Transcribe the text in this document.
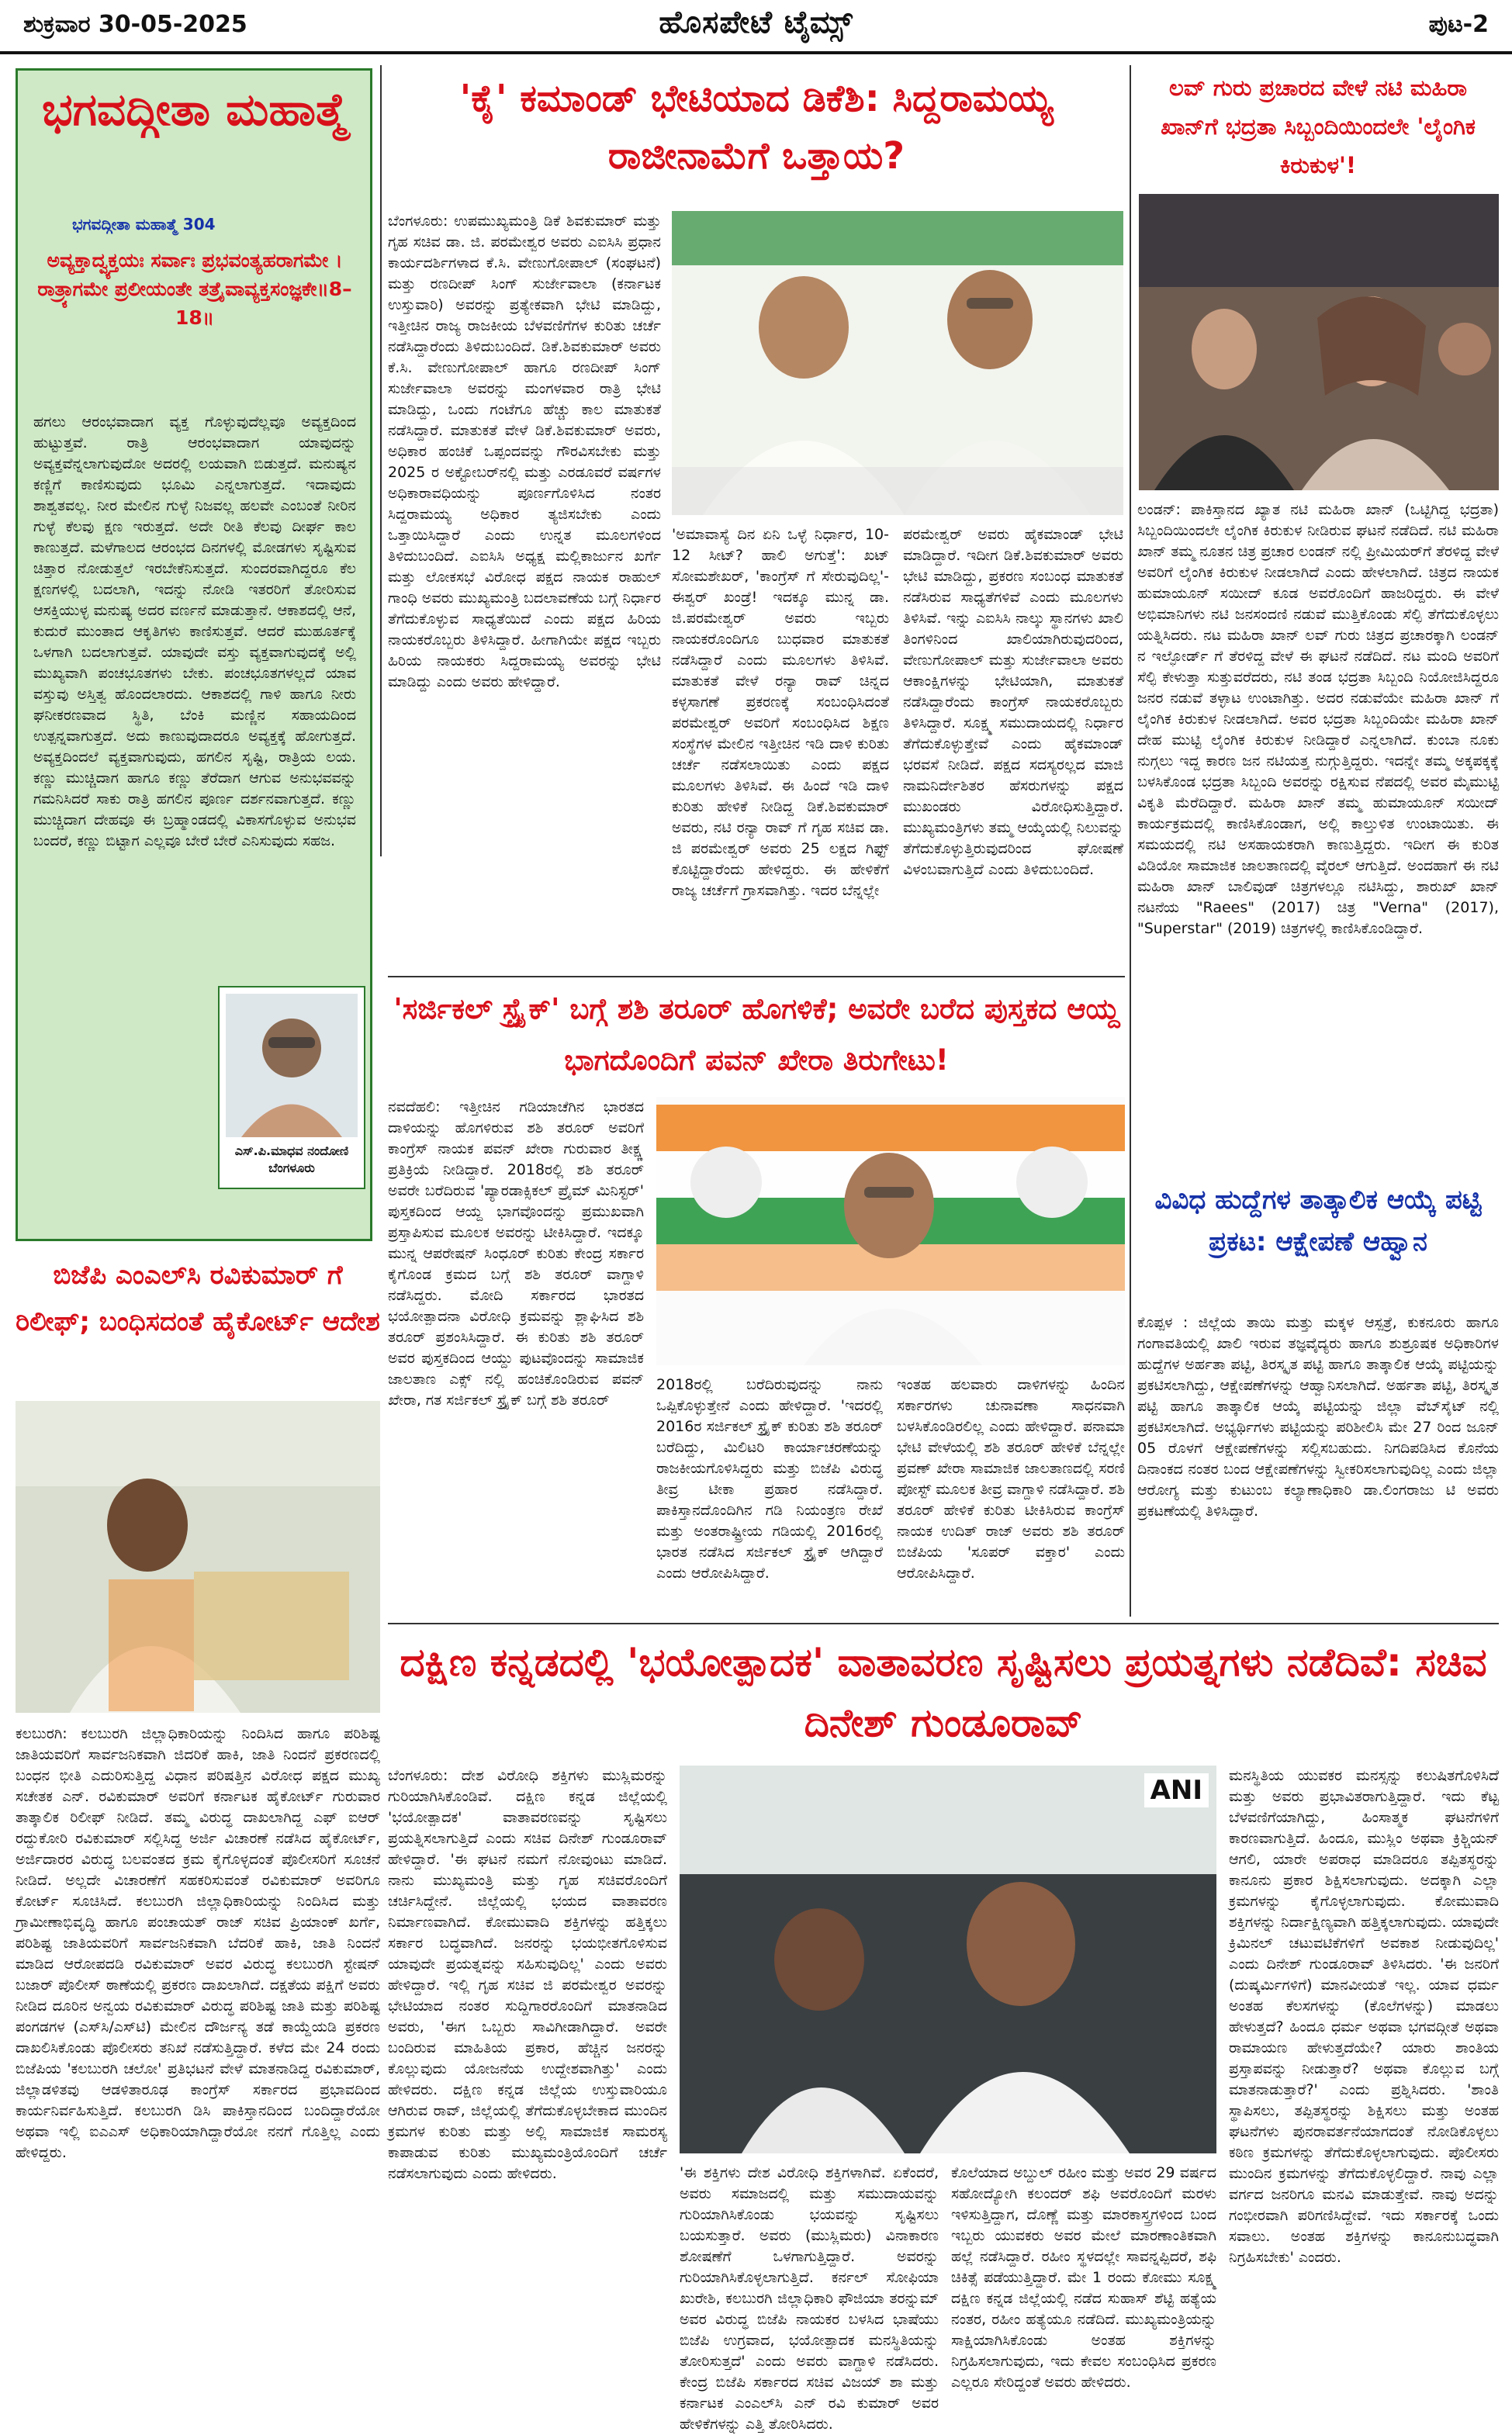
ಶುಕ್ರವಾರ 30-05-2025	ಹೊಸಪೇಟೆ ಟೈಮ್ಸ್	ಪುಟ-2
ಭಗವದ್ಗೀತಾ ಮಹಾತ್ಮೆ
ಭಗವದ್ಗೀತಾ ಮಹಾತ್ಮೆ 304
ಅವ್ಯಕ್ತಾದ್ವ್ಯಕ್ತಯಃ ಸರ್ವಾಃ ಪ್ರಭವಂತ್ಯಹರಾಗಮೇ । ರಾತ್ರ್ಯಾಗಮೇ ಪ್ರಲೀಯಂತೇ ತತ್ರೈವಾವ್ಯಕ್ತಸಂಜ್ಞಕೇ॥8–18॥
ಹಗಲು ಆರಂಭವಾದಾಗ ವ್ಯಕ್ತ ಗೊಳ್ಳುವುದೆಲ್ಲವೂ ಅವ್ಯಕ್ತದಿಂದ ಹುಟ್ಟುತ್ತವೆ. ರಾತ್ರಿ ಆರಂಭವಾದಾಗ ಯಾವುದನ್ನು ಅವ್ಯಕ್ತವೆನ್ನಲಾಗುವುದೋ ಅದರಲ್ಲಿ ಲಯವಾಗಿ ಬಿಡುತ್ತದೆ. ಮನುಷ್ಯನ ಕಣ್ಣಿಗೆ ಕಾಣಿಸುವುದು ಭೂಮಿ ಎನ್ನಲಾಗುತ್ತದೆ. ಇದಾವುದು ಶಾಶ್ವತವಲ್ಲ. ನೀರ ಮೇಲಿನ ಗುಳ್ಳೆ ನಿಜವಲ್ಲ ಹಲವೇ ಎಂಬಂತೆ ನೀರಿನ ಗುಳ್ಳೆ ಕೆಲವು ಕ್ಷಣ ಇರುತ್ತದೆ. ಅದೇ ರೀತಿ ಕೆಲವು ದೀರ್ಘ ಕಾಲ ಕಾಣುತ್ತದೆ. ಮಳೆಗಾಲದ ಆರಂಭದ ದಿನಗಳಲ್ಲಿ ಮೋಡಗಳು ಸೃಷ್ಟಿಸುವ ಚಿತ್ತಾರ ನೋಡುತ್ತಲೆ ಇರಬೇಕೆನಿಸುತ್ತದೆ. ಸುಂದರವಾಗಿದ್ದರೂ ಕೆಲ ಕ್ಷಣಗಳಲ್ಲಿ ಬದಲಾಗಿ, ಇದನ್ನು ನೋಡಿ ಇತರರಿಗೆ ತೋರಿಸುವ ಆಸಕ್ತಿಯುಳ್ಳ ಮನುಷ್ಯ ಅದರ ವರ್ಣನೆ ಮಾಡುತ್ತಾನೆ. ಆಕಾಶದಲ್ಲಿ ಆನೆ, ಕುದುರೆ ಮುಂತಾದ ಆಕೃತಿಗಳು ಕಾಣಿಸುತ್ತವೆ. ಆದರೆ ಮುಹೂರ್ತಕ್ಕೆ ಒಳಗಾಗಿ ಬದಲಾಗುತ್ತವೆ. ಯಾವುದೇ ವಸ್ತು ವ್ಯಕ್ತವಾಗುವುದಕ್ಕೆ ಅಲ್ಲಿ ಮುಖ್ಯವಾಗಿ ಪಂಚಭೂತಗಳು ಬೇಕು. ಪಂಚಭೂತಗಳಲ್ಲದೆ ಯಾವ ವಸ್ತುವು ಅಸ್ತಿತ್ವ ಹೊಂದಲಾರದು. ಆಕಾಶದಲ್ಲಿ ಗಾಳಿ ಹಾಗೂ ನೀರು ಘನೀಕರಣವಾದ ಸ್ಥಿತಿ, ಬೆಂಕಿ ಮಣ್ಣಿನ ಸಹಾಯದಿಂದ ಉತ್ಪನ್ನವಾಗುತ್ತದೆ. ಅದು ಕಾಣುವುದಾದರೂ ಅವ್ಯಕ್ತಕ್ಕೆ ಹೋಗುತ್ತದೆ. ಅವ್ಯಕ್ತದಿಂದಲೆ ವ್ಯಕ್ತವಾಗುವುದು, ಹಗಲಿನ ಸೃಷ್ಟಿ, ರಾತ್ರಿಯ ಲಯ. ಕಣ್ಣು ಮುಚ್ಚಿದಾಗ ಹಾಗೂ ಕಣ್ಣು ತೆರೆದಾಗ ಆಗುವ ಅನುಭವವನ್ನು ಗಮನಿಸಿದರೆ ಸಾಕು ರಾತ್ರಿ ಹಗಲಿನ ಪೂರ್ಣ ದರ್ಶನವಾಗುತ್ತದೆ. ಕಣ್ಣು ಮುಚ್ಚಿದಾಗ ದೇಹವೂ ಈ ಬ್ರಹ್ಮಾಂಡದಲ್ಲಿ ವಿಕಾಸಗೊಳ್ಳುವ ಅನುಭವ ಬಂದರೆ, ಕಣ್ಣು ಬಿಟ್ಟಾಗ ಎಲ್ಲವೂ ಬೇರೆ ಬೇರೆ ಎನಿಸುವುದು ಸಹಜ.
ಎಸ್.ಪಿ.ಮಾಧವ ನಂದೋಣಿ ಬೆಂಗಳೂರು
'ಕೈ' ಕಮಾಂಡ್ ಭೇಟಿಯಾದ ಡಿಕೆಶಿ: ಸಿದ್ದರಾಮಯ್ಯ ರಾಜೀನಾಮೆಗೆ ಒತ್ತಾಯ?
ಬೆಂಗಳೂರು: ಉಪಮುಖ್ಯಮಂತ್ರಿ ಡಿಕೆ ಶಿವಕುಮಾರ್ ಮತ್ತು ಗೃಹ ಸಚಿವ ಡಾ. ಜಿ. ಪರಮೇಶ್ವರ ಅವರು ಎಐಸಿಸಿ ಪ್ರಧಾನ ಕಾರ್ಯದರ್ಶಿಗಳಾದ ಕೆ.ಸಿ. ವೇಣುಗೋಪಾಲ್ (ಸಂಘಟನೆ) ಮತ್ತು ರಣದೀಪ್ ಸಿಂಗ್ ಸುರ್ಜೇವಾಲಾ (ಕರ್ನಾಟಕ ಉಸ್ತುವಾರಿ) ಅವರನ್ನು ಪ್ರತ್ಯೇಕವಾಗಿ ಭೇಟಿ ಮಾಡಿದ್ದು, ಇತ್ತೀಚಿನ ರಾಜ್ಯ ರಾಜಕೀಯ ಬೆಳವಣಿಗೆಗಳ ಕುರಿತು ಚರ್ಚೆ ನಡೆಸಿದ್ದಾರೆಂದು ತಿಳಿದುಬಂದಿದೆ. ಡಿಕೆ.ಶಿವಕುಮಾರ್ ಅವರು ಕೆ.ಸಿ. ವೇಣುಗೋಪಾಲ್ ಹಾಗೂ ರಣದೀಪ್ ಸಿಂಗ್ ಸುರ್ಜೇವಾಲಾ ಅವರನ್ನು ಮಂಗಳವಾರ ರಾತ್ರಿ ಭೇಟಿ ಮಾಡಿದ್ದು, ಒಂದು ಗಂಟೆಗೂ ಹೆಚ್ಚು ಕಾಲ ಮಾತುಕತೆ ನಡೆಸಿದ್ದಾರೆ. ಮಾತುಕತೆ ವೇಳೆ ಡಿಕೆ.ಶಿವಕುಮಾರ್ ಅವರು, ಅಧಿಕಾರ ಹಂಚಿಕೆ ಒಪ್ಪಂದವನ್ನು ಗೌರವಿಸಬೇಕು ಮತ್ತು 2025 ರ ಅಕ್ಟೋಬರ್‌ನಲ್ಲಿ ಮತ್ತು ಎರಡೂವರೆ ವರ್ಷಗಳ ಅಧಿಕಾರಾವಧಿಯನ್ನು ಪೂರ್ಣಗೊಳಿಸಿದ ನಂತರ ಸಿದ್ದರಾಮಯ್ಯ ಅಧಿಕಾರ ತ್ಯಜಿಸಬೇಕು ಎಂದು ಒತ್ತಾಯಿಸಿದ್ದಾರೆ ಎಂದು ಉನ್ನತ ಮೂಲಗಳಿಂದ ತಿಳಿದುಬಂದಿದೆ. ಎಐಸಿಸಿ ಅಧ್ಯಕ್ಷ ಮಲ್ಲಿಕಾರ್ಜುನ ಖರ್ಗೆ ಮತ್ತು ಲೋಕಸಭೆ ವಿರೋಧ ಪಕ್ಷದ ನಾಯಕ ರಾಹುಲ್ ಗಾಂಧಿ ಅವರು ಮುಖ್ಯಮಂತ್ರಿ ಬದಲಾವಣೆಯ ಬಗ್ಗೆ ನಿರ್ಧಾರ ತೆಗೆದುಕೊಳ್ಳುವ ಸಾಧ್ಯತೆಯಿದೆ ಎಂದು ಪಕ್ಷದ ಹಿರಿಯ ನಾಯಕರೊಬ್ಬರು ತಿಳಿಸಿದ್ದಾರೆ. ಹೀಗಾಗಿಯೇ ಪಕ್ಷದ ಇಬ್ಬರು ಹಿರಿಯ ನಾಯಕರು ಸಿದ್ದರಾಮಯ್ಯ ಅವರನ್ನು ಭೇಟಿ ಮಾಡಿದ್ದು ಎಂದು ಅವರು ಹೇಳಿದ್ದಾರೆ.
'ಅಮಾವಾಸ್ಯೆ ದಿನ ಏನಿ ಒಳ್ಳೆ ನಿರ್ಧಾರ, 10-12 ಸೀಟ್? ಹಾಲಿ ಅಗುತ್ತೆ': ಖಟ್ ಸೋಮಶೇಖರ್, 'ಕಾಂಗ್ರೆಸ್ ಗೆ ಸೇರುವುದಿಲ್ಲ'- ಈಶ್ವರ್ ಖಂಡ್ರೆ! ಇದಕ್ಕೂ ಮುನ್ನ ಡಾ. ಜಿ.ಪರಮೇಶ್ವರ್ ಅವರು ಇಬ್ಬರು ನಾಯಕರೊಂದಿಗೂ ಬುಧವಾರ ಮಾತುಕತೆ ನಡೆಸಿದ್ದಾರೆ ಎಂದು ಮೂಲಗಳು ತಿಳಿಸಿವೆ. ಮಾತುಕತೆ ವೇಳೆ ರನ್ಯಾ ರಾವ್ ಚಿನ್ನದ ಕಳ್ಳಸಾಗಣೆ ಪ್ರಕರಣಕ್ಕೆ ಸಂಬಂಧಿಸಿದಂತೆ ಪರಮೇಶ್ವರ್ ಅವರಿಗೆ ಸಂಬಂಧಿಸಿದ ಶಿಕ್ಷಣ ಸಂಸ್ಥೆಗಳ ಮೇಲಿನ ಇತ್ತೀಚಿನ ಇಡಿ ದಾಳಿ ಕುರಿತು ಚರ್ಚೆ ನಡೆಸಲಾಯಿತು ಎಂದು ಪಕ್ಷದ ಮೂಲಗಳು ತಿಳಿಸಿವೆ. ಈ ಹಿಂದೆ ಇಡಿ ದಾಳಿ ಕುರಿತು ಹೇಳಿಕೆ ನೀಡಿದ್ದ ಡಿಕೆ.ಶಿವಕುಮಾರ್ ಅವರು, ನಟಿ ರನ್ಯಾ ರಾವ್ ಗೆ ಗೃಹ ಸಚಿವ ಡಾ. ಜಿ ಪರಮೇಶ್ವರ್ ಅವರು 25 ಲಕ್ಷದ ಗಿಫ್ಟ್ ಕೊಟ್ಟಿದ್ದಾರೆಂದು ಹೇಳಿದ್ದರು. ಈ ಹೇಳಿಕೆಗೆ ರಾಜ್ಯ ಚರ್ಚೆಗೆ ಗ್ರಾಸವಾಗಿತ್ತು. ಇದರ ಬೆನ್ನಲ್ಲೇ
ಪರಮೇಶ್ವರ್ ಅವರು ಹೈಕಮಾಂಡ್ ಭೇಟಿ ಮಾಡಿದ್ದಾರೆ. ಇದೀಗ ಡಿಕೆ.ಶಿವಕುಮಾರ್ ಅವರು ಭೇಟಿ ಮಾಡಿದ್ದು, ಪ್ರಕರಣ ಸಂಬಂಧ ಮಾತುಕತೆ ನಡೆಸಿರುವ ಸಾಧ್ಯತೆಗಳಿವೆ ಎಂದು ಮೂಲಗಳು ತಿಳಿಸಿವೆ. ಇನ್ನು ಎಐಸಿಸಿ ನಾಲ್ಕು ಸ್ಥಾನಗಳು ಖಾಲಿ ತಿಂಗಳಿನಿಂದ ಖಾಲಿಯಾಗಿರುವುದರಿಂದ, ವೇಣುಗೋಪಾಲ್ ಮತ್ತು ಸುರ್ಜೇವಾಲಾ ಅವರು ಆಕಾಂಕ್ಷಿಗಳನ್ನು ಭೇಟಿಯಾಗಿ, ಮಾತುಕತೆ ನಡೆಸಿದ್ದಾರೆಂದು ಕಾಂಗ್ರೆಸ್ ನಾಯಕರೊಬ್ಬರು ತಿಳಿಸಿದ್ದಾರೆ. ಸೂಕ್ಷ್ಮ ಸಮುದಾಯದಲ್ಲಿ ನಿರ್ಧಾರ ತೆಗೆದುಕೊಳ್ಳುತ್ತೇವೆ ಎಂದು ಹೈಕಮಾಂಡ್ ಭರವಸೆ ನೀಡಿದೆ. ಪಕ್ಷದ ಸದಸ್ಯರಲ್ಲದ ಮಾಜಿ ನಾಮನಿರ್ದೇಶಿತರ ಹೆಸರುಗಳನ್ನು ಪಕ್ಷದ ಮುಖಂಡರು ವಿರೋಧಿಸುತ್ತಿದ್ದಾರೆ. ಮುಖ್ಯಮಂತ್ರಿಗಳು ತಮ್ಮ ಆಯ್ಕೆಯಲ್ಲಿ ನಿಲುವನ್ನು ತೆಗೆದುಕೊಳ್ಳುತ್ತಿರುವುದರಿಂದ ಘೋಷಣೆ ವಿಳಂಬವಾಗುತ್ತಿದೆ ಎಂದು ತಿಳಿದುಬಂದಿದೆ.
ಲವ್ ಗುರು ಪ್ರಚಾರದ ವೇಳೆ ನಟಿ ಮಹಿರಾ ಖಾನ್‌ಗೆ ಭದ್ರತಾ ಸಿಬ್ಬಂದಿಯಿಂದಲೇ 'ಲೈಂಗಿಕ ಕಿರುಕುಳ'!
ಲಂಡನ್: ಪಾಕಿಸ್ತಾನದ ಖ್ಯಾತ ನಟಿ ಮಹಿರಾ ಖಾನ್ (ಒಟ್ಟಿಗಿದ್ದ ಭದ್ರತಾ) ಸಿಬ್ಬಂದಿಯಿಂದಲೇ ಲೈಂಗಿಕ ಕಿರುಕುಳ ನೀಡಿರುವ ಘಟನೆ ನಡೆದಿದೆ. ನಟಿ ಮಹಿರಾ ಖಾನ್ ತಮ್ಮ ನೂತನ ಚಿತ್ರ ಪ್ರಚಾರ ಲಂಡನ್ ನಲ್ಲಿ ಪ್ರೀಮಿಯರ್‌ಗೆ ತೆರಳಿದ್ದ ವೇಳೆ ಅವರಿಗೆ ಲೈಂಗಿಕ ಕಿರುಕುಳ ನೀಡಲಾಗಿದೆ ಎಂದು ಹೇಳಲಾಗಿದೆ. ಚಿತ್ರದ ನಾಯಕ ಹುಮಾಯೂನ್ ಸಯೀದ್ ಕೂಡ ಅವರೊಂದಿಗೆ ಹಾಜರಿದ್ದರು. ಈ ವೇಳೆ ಅಭಿಮಾನಿಗಳು ನಟಿ ಜನಸಂದಣಿ ನಡುವೆ ಮುತ್ತಿಕೊಂಡು ಸೆಲ್ಫಿ ತೆಗೆದುಕೊಳ್ಳಲು ಯತ್ನಿಸಿದರು. ನಟ ಮಹಿರಾ ಖಾನ್ ಲವ್ ಗುರು ಚಿತ್ರದ ಪ್ರಚಾರಕ್ಕಾಗಿ ಲಂಡನ್ ನ ಇಲ್ಫೋರ್ಡ್ ಗೆ ತೆರಳಿದ್ದ ವೇಳೆ ಈ ಘಟನೆ ನಡೆದಿದೆ. ನಟ ಮಂದಿ ಅವರಿಗೆ ಸೆಲ್ಫಿ ಕೇಳುತ್ತಾ ಸುತ್ತುವರೆದರು, ನಟಿ ತಂಡ ಭದ್ರತಾ ಸಿಬ್ಬಂದಿ ನಿಯೋಜಿಸಿದ್ದರೂ ಜನರ ನಡುವೆ ತಳ್ಳಾಟ ಉಂಟಾಗಿತ್ತು. ಅದರ ನಡುವೆಯೇ ಮಹಿರಾ ಖಾನ್ ಗೆ ಲೈಂಗಿಕ ಕಿರುಕುಳ ನೀಡಲಾಗಿದೆ. ಅವರ ಭದ್ರತಾ ಸಿಬ್ಬಂದಿಯೇ ಮಹಿರಾ ಖಾನ್ ದೇಹ ಮುಟ್ಟಿ ಲೈಂಗಿಕ ಕಿರುಕುಳ ನೀಡಿದ್ದಾರೆ ಎನ್ನಲಾಗಿದೆ. ಕುಂಬಾ ನೂಕು ನುಗ್ಗಲು ಇದ್ದ ಕಾರಣ ಜನ ನಟಿಯತ್ತ ನುಗ್ಗುತ್ತಿದ್ದರು. ಇದನ್ನೇ ತಮ್ಮ ಅಕ್ಕಪಕ್ಕಕ್ಕೆ ಬಳಸಿಕೊಂಡ ಭದ್ರತಾ ಸಿಬ್ಬಂದಿ ಅವರನ್ನು ರಕ್ಷಿಸುವ ನೆಪದಲ್ಲಿ ಅವರ ಮೈಮುಟ್ಟಿ ವಿಕೃತಿ ಮೆರೆದಿದ್ದಾರೆ. ಮಹಿರಾ ಖಾನ್ ತಮ್ಮ ಹುಮಾಯೂನ್ ಸಯೀದ್ ಕಾರ್ಯಕ್ರಮದಲ್ಲಿ ಕಾಣಿಸಿಕೊಂಡಾಗ, ಅಲ್ಲಿ ಕಾಲ್ತುಳಿತ ಉಂಟಾಯಿತು. ಈ ಸಮಯದಲ್ಲಿ ನಟಿ ಅಸಹಾಯಕರಾಗಿ ಕಾಣುತ್ತಿದ್ದರು. ಇದೀಗ ಈ ಕುರಿತ ವಿಡಿಯೋ ಸಾಮಾಜಿಕ ಜಾಲತಾಣದಲ್ಲಿ ವೈರಲ್ ಆಗುತ್ತಿದೆ. ಅಂದಹಾಗೆ ಈ ನಟಿ ಮಹಿರಾ ಖಾನ್ ಬಾಲಿವುಡ್ ಚಿತ್ರಗಳಲ್ಲೂ ನಟಿಸಿದ್ದು, ಶಾರುಖ್ ಖಾನ್ ನಟನೆಯ "Raees" (2017) ಚಿತ್ರ "Verna" (2017), "Superstar" (2019) ಚಿತ್ರಗಳಲ್ಲಿ ಕಾಣಿಸಿಕೊಂಡಿದ್ದಾರೆ.
'ಸರ್ಜಿಕಲ್ ಸ್ಟ್ರೈಕ್' ಬಗ್ಗೆ ಶಶಿ ತರೂರ್ ಹೊಗಳಿಕೆ; ಅವರೇ ಬರೆದ ಪುಸ್ತಕದ ಆಯ್ದ ಭಾಗದೊಂದಿಗೆ ಪವನ್ ಖೇರಾ ತಿರುಗೇಟು!
ನವದೆಹಲಿ: ಇತ್ತೀಚಿನ ಗಡಿಯಾಚೆಗಿನ ಭಾರತದ ದಾಳಿಯನ್ನು ಹೊಗಳಿರುವ ಶಶಿ ತರೂರ್ ಅವರಿಗೆ ಕಾಂಗ್ರೆಸ್ ನಾಯಕ ಪವನ್ ಖೇರಾ ಗುರುವಾರ ತೀಕ್ಷ್ಣ ಪ್ರತಿಕ್ರಿಯೆ ನೀಡಿದ್ದಾರೆ. 2018ರಲ್ಲಿ ಶಶಿ ತರೂರ್ ಅವರೇ ಬರೆದಿರುವ 'ಪ್ಯಾರಡಾಕ್ಸಿಕಲ್ ಪ್ರೈಮ್ ಮಿನಿಸ್ಟರ್' ಪುಸ್ತಕದಿಂದ ಆಯ್ದ ಭಾಗವೊಂದನ್ನು ಪ್ರಮುಖವಾಗಿ ಪ್ರಸ್ತಾಪಿಸುವ ಮೂಲಕ ಅವರನ್ನು ಟೀಕಿಸಿದ್ದಾರೆ. ಇದಕ್ಕೂ ಮುನ್ನ ಆಪರೇಷನ್ ಸಿಂಧೂರ್ ಕುರಿತು ಕೇಂದ್ರ ಸರ್ಕಾರ ಕೈಗೊಂಡ ಕ್ರಮದ ಬಗ್ಗೆ ಶಶಿ ತರೂರ್ ವಾಗ್ದಾಳಿ ನಡೆಸಿದ್ದರು. ಮೋದಿ ಸರ್ಕಾರದ ಭಾರತದ ಭಯೋತ್ಪಾದನಾ ವಿರೋಧಿ ಕ್ರಮವನ್ನು ಶ್ಲಾಘಿಸಿದ ಶಶಿ ತರೂರ್ ಪ್ರಶಂಸಿಸಿದ್ದಾರೆ. ಈ ಕುರಿತು ಶಶಿ ತರೂರ್ ಅವರ ಪುಸ್ತಕದಿಂದ ಆಯ್ದು ಪುಟವೊಂದನ್ನು ಸಾಮಾಜಿಕ ಜಾಲತಾಣ ಎಕ್ಸ್ ನಲ್ಲಿ ಹಂಚಿಕೊಂಡಿರುವ ಪವನ್ ಖೇರಾ, ಗತ ಸರ್ಜಿಕಲ್ ಸ್ಟ್ರೈಕ್ ಬಗ್ಗೆ ಶಶಿ ತರೂರ್
2018ರಲ್ಲಿ ಬರೆದಿರುವುದನ್ನು ನಾನು ಒಪ್ಪಿಕೊಳ್ಳುತ್ತೇನೆ ಎಂದು ಹೇಳಿದ್ದಾರೆ. 'ಇದರಲ್ಲಿ 2016ರ ಸರ್ಜಿಕಲ್ ಸ್ಟ್ರೈಕ್ ಕುರಿತು ಶಶಿ ತರೂರ್ ಬರೆದಿದ್ದು, ಮಿಲಿಟರಿ ಕಾರ್ಯಾಚರಣೆಯನ್ನು ರಾಜಕೀಯಗೊಳಿಸಿದ್ದರು ಮತ್ತು ಬಿಜೆಪಿ ವಿರುದ್ಧ ತೀವ್ರ ಟೀಕಾ ಪ್ರಹಾರ ನಡೆಸಿದ್ದಾರೆ. ಪಾಕಿಸ್ತಾನದೊಂದಿಗಿನ ಗಡಿ ನಿಯಂತ್ರಣ ರೇಖೆ ಮತ್ತು ಅಂತರಾಷ್ಟ್ರೀಯ ಗಡಿಯಲ್ಲಿ 2016ರಲ್ಲಿ ಭಾರತ ನಡೆಸಿದ ಸರ್ಜಿಕಲ್ ಸ್ಟ್ರೈಕ್ ಆಗಿದ್ದಾರೆ ಎಂದು ಆರೋಪಿಸಿದ್ದಾರೆ.
ಇಂತಹ ಹಲವಾರು ದಾಳಿಗಳನ್ನು ಹಿಂದಿನ ಸರ್ಕಾರಗಳು ಚುನಾವಣಾ ಸಾಧನವಾಗಿ ಬಳಸಿಕೊಂಡಿರಲಿಲ್ಲ ಎಂದು ಹೇಳಿದ್ದಾರೆ. ಪನಾಮಾ ಭೇಟಿ ವೇಳೆಯಲ್ಲಿ ಶಶಿ ತರೂರ್ ಹೇಳಿಕೆ ಬೆನ್ನಲ್ಲೇ ಪ್ರವಣ್ ಖೇರಾ ಸಾಮಾಜಿಕ ಜಾಲತಾಣದಲ್ಲಿ ಸರಣಿ ಪೋಸ್ಟ್ ಮೂಲಕ ತೀವ್ರ ವಾಗ್ದಾಳಿ ನಡೆಸಿದ್ದಾರೆ. ಶಶಿ ತರೂರ್ ಹೇಳಿಕೆ ಕುರಿತು ಟೀಕಿಸಿರುವ ಕಾಂಗ್ರೆಸ್ ನಾಯಕ ಉದಿತ್ ರಾಜ್ ಅವರು ಶಶಿ ತರೂರ್ ಬಿಜೆಪಿಯ 'ಸೂಪರ್ ವಕ್ತಾರ' ಎಂದು ಆರೋಪಿಸಿದ್ದಾರೆ.
ಬಿಜೆಪಿ ಎಂಎಲ್‌ಸಿ ರವಿಕುಮಾರ್ ಗೆ ರಿಲೀಫ್; ಬಂಧಿಸದಂತೆ ಹೈಕೋರ್ಟ್ ಆದೇಶ
ಕಲಬುರಗಿ: ಕಲಬುರಗಿ ಜಿಲ್ಲಾಧಿಕಾರಿಯನ್ನು ನಿಂದಿಸಿದ ಹಾಗೂ ಪರಿಶಿಷ್ಟ ಜಾತಿಯವರಿಗೆ ಸಾರ್ವಜನಿಕವಾಗಿ ಜಿದರಿಕೆ ಹಾಕಿ, ಜಾತಿ ನಿಂದನೆ ಪ್ರಕರಣದಲ್ಲಿ ಬಂಧನ ಭೀತಿ ಎದುರಿಸುತ್ತಿದ್ದ ವಿಧಾನ ಪರಿಷತ್ತಿನ ವಿರೋಧ ಪಕ್ಷದ ಮುಖ್ಯ ಸಚೇತಕ ಎನ್. ರವಿಕುಮಾರ್ ಅವರಿಗೆ ಕರ್ನಾಟಕ ಹೈಕೋರ್ಟ್ ಗುರುವಾರ ತಾತ್ಕಾಲಿಕ ರಿಲೀಫ್ ನೀಡಿದೆ. ತಮ್ಮ ವಿರುದ್ಧ ದಾಖಲಾಗಿದ್ದ ಎಫ್ ಐಆರ್ ರದ್ದುಕೋರಿ ರವಿಕುಮಾರ್ ಸಲ್ಲಿಸಿದ್ದ ಅರ್ಜಿ ವಿಚಾರಣೆ ನಡೆಸಿದ ಹೈಕೋರ್ಟ್, ಅರ್ಜಿದಾರರ ವಿರುದ್ಧ ಬಲವಂತದ ಕ್ರಮ ಕೈಗೊಳ್ಳದಂತೆ ಪೊಲೀಸರಿಗೆ ಸೂಚನೆ ನೀಡಿದೆ. ಅಲ್ಲದೇ ವಿಚಾರಣೆಗೆ ಸಹಕರಿಸುವಂತೆ ರವಿಕುಮಾರ್ ಅವರಿಗೂ ಕೋರ್ಟ್ ಸೂಚಿಸಿದೆ. ಕಲಬುರಗಿ ಜಿಲ್ಲಾಧಿಕಾರಿಯನ್ನು ನಿಂದಿಸಿದ ಮತ್ತು ಗ್ರಾಮೀಣಾಭಿವೃದ್ಧಿ ಹಾಗೂ ಪಂಚಾಯತ್ ರಾಜ್ ಸಚಿವ ಪ್ರಿಯಾಂಕ್ ಖರ್ಗೆ, ಪರಿಶಿಷ್ಟ ಜಾತಿಯವರಿಗೆ ಸಾರ್ವಜನಿಕವಾಗಿ ಬೆದರಿಕೆ ಹಾಕಿ, ಜಾತಿ ನಿಂದನೆ ಮಾಡಿದ ಆರೋಪದಡಿ ರವಿಕುಮಾರ್ ಅವರ ವಿರುದ್ಧ ಕಲಬುರಗಿ ಸ್ಟೇಷನ್ ಬಜಾರ್ ಪೊಲೀಸ್ ಠಾಣೆಯಲ್ಲಿ ಪ್ರಕರಣ ದಾಖಲಾಗಿದೆ. ದಕ್ಷತೆಯ ಪಕ್ಷಿಗೆ ಅವರು ನೀಡಿದ ದೂರಿನ ಅನ್ವಯ ರವಿಕುಮಾರ್ ವಿರುದ್ಧ ಪರಿಶಿಷ್ಟ ಜಾತಿ ಮತ್ತು ಪರಿಶಿಷ್ಟ ಪಂಗಡಗಳ (ಎಸ್‌ಸಿ/ಎಸ್‌ಟಿ) ಮೇಲಿನ ದೌರ್ಜನ್ಯ ತಡೆ ಕಾಯ್ದೆಯಡಿ ಪ್ರಕರಣ ದಾಖಲಿಸಿಕೊಂಡು ಪೊಲೀಸರು ತನಿಖೆ ನಡೆಸುತ್ತಿದ್ದಾರೆ. ಕಳೆದ ಮೇ 24 ರಂದು ಬಿಜೆಪಿಯ 'ಕಲಬುರಗಿ ಚಲೋ' ಪ್ರತಿಭಟನೆ ವೇಳೆ ಮಾತನಾಡಿದ್ದ ರವಿಕುಮಾರ್, ಜಿಲ್ಲಾಡಳಿತವು ಆಡಳಿತಾರೂಢ ಕಾಂಗ್ರೆಸ್ ಸರ್ಕಾರದ ಪ್ರಭಾವದಿಂದ ಕಾರ್ಯನಿರ್ವಹಿಸುತ್ತಿದೆ. ಕಲಬುರಗಿ ಡಿಸಿ ಪಾಕಿಸ್ತಾನದಿಂದ ಬಂದಿದ್ದಾರೆಯೋ ಅಥವಾ ಇಲ್ಲಿ ಐಎಎಸ್ ಅಧಿಕಾರಿಯಾಗಿದ್ದಾರೆಯೋ ನನಗೆ ಗೊತ್ತಿಲ್ಲ ಎಂದು ಹೇಳಿದ್ದರು.
ವಿವಿಧ ಹುದ್ದೆಗಳ ತಾತ್ಕಾಲಿಕ ಆಯ್ಕೆ ಪಟ್ಟಿ ಪ್ರಕಟ: ಆಕ್ಷೇಪಣೆ ಆಹ್ವಾನ
ಕೊಪ್ಪಳ : ಜಿಲ್ಲೆಯ ತಾಯಿ ಮತ್ತು ಮಕ್ಕಳ ಆಸ್ಪತ್ರೆ, ಕುಕನೂರು ಹಾಗೂ ಗಂಗಾವತಿಯಲ್ಲಿ ಖಾಲಿ ಇರುವ ತಜ್ಞವೈದ್ಯರು ಹಾಗೂ ಶುಶ್ರೂಷಕ ಅಧಿಕಾರಿಗಳ ಹುದ್ದೆಗಳ ಅರ್ಹತಾ ಪಟ್ಟಿ, ತಿರಸ್ಕೃತ ಪಟ್ಟಿ ಹಾಗೂ ತಾತ್ಕಾಲಿಕ ಆಯ್ಕೆ ಪಟ್ಟಿಯನ್ನು ಪ್ರಕಟಿಸಲಾಗಿದ್ದು, ಆಕ್ಷೇಪಣೆಗಳನ್ನು ಆಹ್ವಾನಿಸಲಾಗಿದೆ. ಅರ್ಹತಾ ಪಟ್ಟಿ, ತಿರಸ್ಕೃತ ಪಟ್ಟಿ ಹಾಗೂ ತಾತ್ಕಾಲಿಕ ಆಯ್ಕೆ ಪಟ್ಟಿಯನ್ನು ಜಿಲ್ಲಾ ವೆಬ್‌ಸೈಟ್ ನಲ್ಲಿ ಪ್ರಕಟಿಸಲಾಗಿದೆ. ಅಭ್ಯರ್ಥಿಗಳು ಪಟ್ಟಿಯನ್ನು ಪರಿಶೀಲಿಸಿ ಮೇ 27 ರಿಂದ ಜೂನ್ 05 ರೊಳಗೆ ಆಕ್ಷೇಪಣೆಗಳನ್ನು ಸಲ್ಲಿಸಬಹುದು. ನಿಗದಿಪಡಿಸಿದ ಕೊನೆಯ ದಿನಾಂಕದ ನಂತರ ಬಂದ ಆಕ್ಷೇಪಣೆಗಳನ್ನು ಸ್ವೀಕರಿಸಲಾಗುವುದಿಲ್ಲ ಎಂದು ಜಿಲ್ಲಾ ಆರೋಗ್ಯ ಮತ್ತು ಕುಟುಂಬ ಕಲ್ಯಾಣಾಧಿಕಾರಿ ಡಾ.ಲಿಂಗರಾಜು ಟಿ ಅವರು ಪ್ರಕಟಣೆಯಲ್ಲಿ ತಿಳಿಸಿದ್ದಾರೆ.
ದಕ್ಷಿಣ ಕನ್ನಡದಲ್ಲಿ 'ಭಯೋತ್ಪಾದಕ' ವಾತಾವರಣ ಸೃಷ್ಟಿಸಲು ಪ್ರಯತ್ನಗಳು ನಡೆದಿವೆ: ಸಚಿವ ದಿನೇಶ್ ಗುಂಡೂರಾವ್
ಬೆಂಗಳೂರು: ದೇಶ ವಿರೋಧಿ ಶಕ್ತಿಗಳು ಮುಸ್ಲಿಮರನ್ನು ಗುರಿಯಾಗಿಸಿಕೊಂಡಿವೆ. ದಕ್ಷಿಣ ಕನ್ನಡ ಜಿಲ್ಲೆಯಲ್ಲಿ 'ಭಯೋತ್ಪಾದಕ' ವಾತಾವರಣವನ್ನು ಸೃಷ್ಟಿಸಲು ಪ್ರಯತ್ನಿಸಲಾಗುತ್ತಿದೆ ಎಂದು ಸಚಿವ ದಿನೇಶ್ ಗುಂಡೂರಾವ್ ಹೇಳಿದ್ದಾರೆ. 'ಈ ಘಟನೆ ನಮಗೆ ನೋವುಂಟು ಮಾಡಿದೆ. ನಾನು ಮುಖ್ಯಮಂತ್ರಿ ಮತ್ತು ಗೃಹ ಸಚಿವರೊಂದಿಗೆ ಚರ್ಚಿಸಿದ್ದೇನೆ. ಜಿಲ್ಲೆಯಲ್ಲಿ ಭಯದ ವಾತಾವರಣ ನಿರ್ಮಾಣವಾಗಿದೆ. ಕೋಮುವಾದಿ ಶಕ್ತಿಗಳನ್ನು ಹತ್ತಿಕ್ಕಲು ಸರ್ಕಾರ ಬದ್ಧವಾಗಿದೆ. ಜನರನ್ನು ಭಯಭೀತಗೊಳಿಸುವ ಯಾವುದೇ ಪ್ರಯತ್ನವನ್ನು ಸಹಿಸುವುದಿಲ್ಲ' ಎಂದು ಅವರು ಹೇಳಿದ್ದಾರೆ. ಇಲ್ಲಿ ಗೃಹ ಸಚಿವ ಜಿ ಪರಮೇಶ್ವರ ಅವರನ್ನು ಭೇಟಿಯಾದ ನಂತರ ಸುದ್ದಿಗಾರರೊಂದಿಗೆ ಮಾತನಾಡಿದ ಅವರು, 'ಈಗ ಒಬ್ಬರು ಸಾವಿಗೀಡಾಗಿದ್ದಾರೆ. ಅವರೇ ಬಂದಿರುವ ಮಾಹಿತಿಯ ಪ್ರಕಾರ, ಹೆಚ್ಚಿನ ಜನರನ್ನು ಕೊಲ್ಲುವುದು ಯೋಜನೆಯ ಉದ್ದೇಶವಾಗಿತ್ತು' ಎಂದು ಹೇಳಿದರು. ದಕ್ಷಿಣ ಕನ್ನಡ ಜಿಲ್ಲೆಯ ಉಸ್ತುವಾರಿಯೂ ಆಗಿರುವ ರಾವ್, ಜಿಲ್ಲೆಯಲ್ಲಿ ತೆಗೆದುಕೊಳ್ಳಬೇಕಾದ ಮುಂದಿನ ಕ್ರಮಗಳ ಕುರಿತು ಮತ್ತು ಅಲ್ಲಿ ಸಾಮಾಜಿಕ ಸಾಮರಸ್ಯ ಕಾಪಾಡುವ ಕುರಿತು ಮುಖ್ಯಮಂತ್ರಿಯೊಂದಿಗೆ ಚರ್ಚೆ ನಡೆಸಲಾಗುವುದು ಎಂದು ಹೇಳಿದರು.
ANI
'ಈ ಶಕ್ತಿಗಳು ದೇಶ ವಿರೋಧಿ ಶಕ್ತಿಗಳಾಗಿವೆ. ಏಕೆಂದರೆ, ಅವರು ಸಮಾಜದಲ್ಲಿ ಮತ್ತು ಸಮುದಾಯವನ್ನು ಗುರಿಯಾಗಿಸಿಕೊಂಡು ಭಯವನ್ನು ಸೃಷ್ಟಿಸಲು ಬಯಸುತ್ತಾರೆ. ಅವರು (ಮುಸ್ಲಿಮರು) ವಿನಾಕಾರಣ ಶೋಷಣೆಗೆ ಒಳಗಾಗುತ್ತಿದ್ದಾರೆ. ಅವರನ್ನು ಗುರಿಯಾಗಿಸಿಕೊಳ್ಳಲಾಗುತ್ತಿದೆ. ಕರ್ನಲ್ ಸೋಫಿಯಾ ಖುರೇಶಿ, ಕಲಬುರಗಿ ಜಿಲ್ಲಾಧಿಕಾರಿ ಫೌಜಿಯಾ ತರನ್ನುಮ್ ಅವರ ವಿರುದ್ಧ ಬಿಜೆಪಿ ನಾಯಕರ ಬಳಸಿದ ಭಾಷೆಯು ಬಿಜೆಪಿ ಉಗ್ರವಾದ, ಭಯೋತ್ಪಾದಕ ಮನಸ್ಥಿತಿಯನ್ನು ತೋರಿಸುತ್ತದೆ' ಎಂದು ಅವರು ವಾಗ್ದಾಳಿ ನಡೆಸಿದರು. ಕೇಂದ್ರ ಬಿಜೆಪಿ ಸರ್ಕಾರದ ಸಚಿವ ವಿಜಯ್ ಶಾ ಮತ್ತು ಕರ್ನಾಟಕ ಎಂಎಲ್‌ಸಿ ಎನ್ ರವಿ ಕುಮಾರ್ ಅವರ ಹೇಳಿಕೆಗಳನ್ನು ಎತ್ತಿ ತೋರಿಸಿದರು.
ಕೊಲೆಯಾದ ಅಬ್ದುಲ್ ರಹೀಂ ಮತ್ತು ಅವರ 29 ವರ್ಷದ ಸಹೋದ್ಯೋಗಿ ಕಲಂದರ್ ಶಫಿ ಅವರೊಂದಿಗೆ ಮರಳು ಇಳಿಸುತ್ತಿದ್ದಾಗ, ದೊಣ್ಣೆ ಮತ್ತು ಮಾರಕಾಸ್ತ್ರಗಳಿಂದ ಬಂದ ಇಬ್ಬರು ಯುವಕರು ಅವರ ಮೇಲೆ ಮಾರಣಾಂತಿಕವಾಗಿ ಹಲ್ಲೆ ನಡೆಸಿದ್ದಾರೆ. ರಹೀಂ ಸ್ಥಳದಲ್ಲೇ ಸಾವನ್ನಪ್ಪಿದರೆ, ಶಫಿ ಚಿಕಿತ್ಸೆ ಪಡೆಯುತ್ತಿದ್ದಾರೆ. ಮೇ 1 ರಂದು ಕೋಮು ಸೂಕ್ಷ್ಮ ದಕ್ಷಿಣ ಕನ್ನಡ ಜಿಲ್ಲೆಯಲ್ಲಿ ನಡೆದ ಸುಹಾಸ್ ಶೆಟ್ಟಿ ಹತ್ಯೆಯ ನಂತರ, ರಹೀಂ ಹತ್ಯೆಯೂ ನಡೆದಿದೆ. ಮುಖ್ಯಮಂತ್ರಿಯನ್ನು ಸಾಕ್ಷಿಯಾಗಿಸಿಕೊಂಡು ಅಂತಹ ಶಕ್ತಿಗಳನ್ನು ನಿಗ್ರಹಿಸಲಾಗುವುದು, ಇದು ಕೇವಲ ಸಂಬಂಧಿಸಿದ ಪ್ರಕರಣ ಎಲ್ಲರೂ ಸೇರಿದ್ದಂತೆ ಅವರು ಹೇಳಿದರು.
ಮನಸ್ಥಿತಿಯ ಯುವಕರ ಮನಸ್ಸನ್ನು ಕಲುಷಿತಗೊಳಿಸಿದೆ ಮತ್ತು ಅವರು ಪ್ರಭಾವಿತರಾಗುತ್ತಿದ್ದಾರೆ. ಇದು ಕೆಟ್ಟ ಬೆಳವಣಿಗೆಯಾಗಿದ್ದು, ಹಿಂಸಾತ್ಮಕ ಘಟನೆಗಳಿಗೆ ಕಾರಣವಾಗುತ್ತಿದೆ. ಹಿಂದೂ, ಮುಸ್ಲಿಂ ಅಥವಾ ಕ್ರಿಶ್ಚಿಯನ್ ಆಗಲಿ, ಯಾರೇ ಅಪರಾಧ ಮಾಡಿದರೂ ತಪ್ಪಿತಸ್ಥರನ್ನು ಕಾನೂನು ಪ್ರಕಾರ ಶಿಕ್ಷಿಸಲಾಗುವುದು. ಅದಕ್ಕಾಗಿ ಎಲ್ಲಾ ಕ್ರಮಗಳನ್ನು ಕೈಗೊಳ್ಳಲಾಗುವುದು. ಕೋಮುವಾದಿ ಶಕ್ತಿಗಳನ್ನು ನಿರ್ದಾಕ್ಷಿಣ್ಯವಾಗಿ ಹತ್ತಿಕ್ಕಲಾಗುವುದು. ಯಾವುದೇ ಕ್ರಿಮಿನಲ್ ಚಟುವಟಿಕೆಗಳಿಗೆ ಅವಕಾಶ ನೀಡುವುದಿಲ್ಲ' ಎಂದು ದಿನೇಶ್ ಗುಂಡೂರಾವ್ ತಿಳಿಸಿದರು. 'ಈ ಜನರಿಗೆ (ದುಷ್ಕರ್ಮಿಗಳಿಗೆ) ಮಾನವೀಯತೆ ಇಲ್ಲ. ಯಾವ ಧರ್ಮ ಅಂತಹ ಕೆಲಸಗಳನ್ನು (ಕೊಲೆಗಳನ್ನು) ಮಾಡಲು ಹೇಳುತ್ತದೆ? ಹಿಂದೂ ಧರ್ಮ ಅಥವಾ ಭಗವದ್ಗೀತೆ ಅಥವಾ ರಾಮಾಯಣ ಹೇಳುತ್ತದೆಯೇ? ಯಾರು ಶಾಂತಿಯ ಪ್ರಸ್ತಾಪವನ್ನು ನೀಡುತ್ತಾರೆ? ಅಥವಾ ಕೊಲ್ಲುವ ಬಗ್ಗೆ ಮಾತನಾಡುತ್ತಾರೆ?' ಎಂದು ಪ್ರಶ್ನಿಸಿದರು. 'ಶಾಂತಿ ಸ್ಥಾಪಿಸಲು, ತಪ್ಪಿತಸ್ಥರನ್ನು ಶಿಕ್ಷಿಸಲು ಮತ್ತು ಅಂತಹ ಘಟನೆಗಳು ಪುನರಾವರ್ತನೆಯಾಗದಂತೆ ನೋಡಿಕೊಳ್ಳಲು ಕಠಿಣ ಕ್ರಮಗಳನ್ನು ತೆಗೆದುಕೊಳ್ಳಲಾಗುವುದು. ಪೊಲೀಸರು ಮುಂದಿನ ಕ್ರಮಗಳನ್ನು ತೆಗೆದುಕೊಳ್ಳಲಿದ್ದಾರೆ. ನಾವು ಎಲ್ಲಾ ವರ್ಗದ ಜನರಿಗೂ ಮನವಿ ಮಾಡುತ್ತೇವೆ. ನಾವು ಅದನ್ನು ಗಂಭೀರವಾಗಿ ಪರಿಗಣಿಸಿದ್ದೇವೆ. ಇದು ಸರ್ಕಾರಕ್ಕೆ ಒಂದು ಸವಾಲು. ಅಂತಹ ಶಕ್ತಿಗಳನ್ನು ಕಾನೂನುಬದ್ಧವಾಗಿ ನಿಗ್ರಹಿಸಬೇಕು' ಎಂದರು.
